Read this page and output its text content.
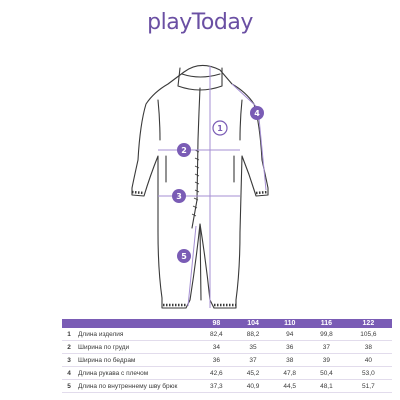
playToday
1
2
3
4
5
		98	104	110	116	122
1	Длина изделия	82,4	88,2	94	99,8	105,6
2	Ширина по груди	34	35	36	37	38
3	Ширина по бедрам	36	37	38	39	40
4	Длина рукава с плечом	42,6	45,2	47,8	50,4	53,0
5	Длина по внутреннему шву брюк	37,3	40,9	44,5	48,1	51,7
